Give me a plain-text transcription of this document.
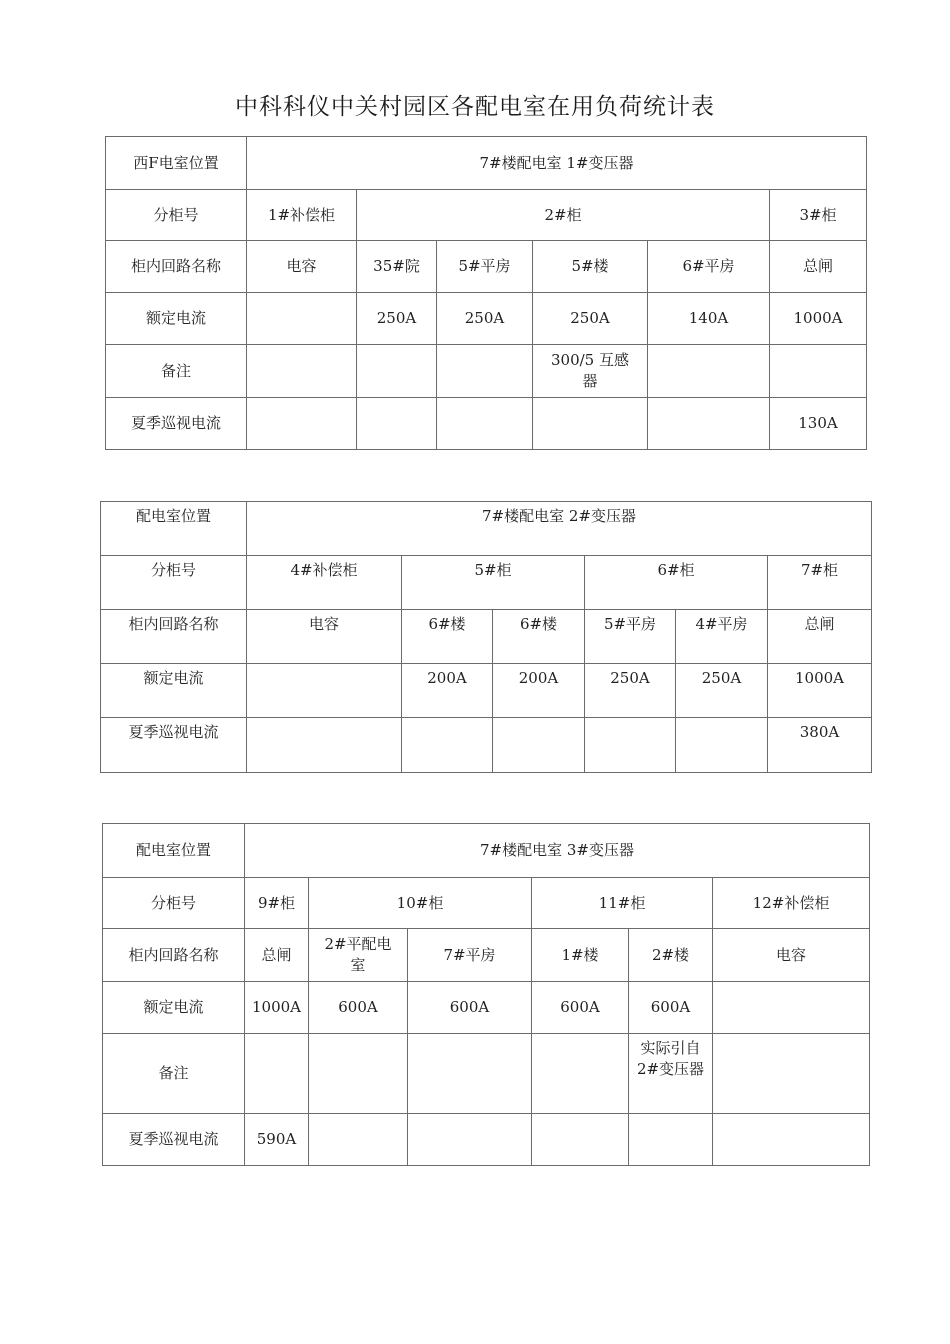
中科科仪中关村园区各配电室在用负荷统计表
西F电室位置	7#楼配电室 1#变压器					
分柜号	1#补偿柜	2#柜				3#柜
柜内回路名称	电容	35#院	5#平房	5#楼	6#平房	总闸
额定电流		250A	250A	250A	140A	1000A
备注				300/5 互感器		
夏季巡视电流						130A
配电室位置	7#楼配电室 2#变压器					
分柜号	4#补偿柜	5#柜		6#柜		7#柜
柜内回路名称	电容	6#楼	6#楼	5#平房	4#平房	总闸
额定电流		200A	200A	250A	250A	1000A
夏季巡视电流						380A
配电室位置	7#楼配电室 3#变压器					
分柜号	9#柜	10#柜		11#柜		12#补偿柜
柜内回路名称	总闸	2#平配电室	7#平房	1#楼	2#楼	电容
额定电流	1000A	600A	600A	600A	600A	
备注					实际引自 2#变压器	
夏季巡视电流	590A					
